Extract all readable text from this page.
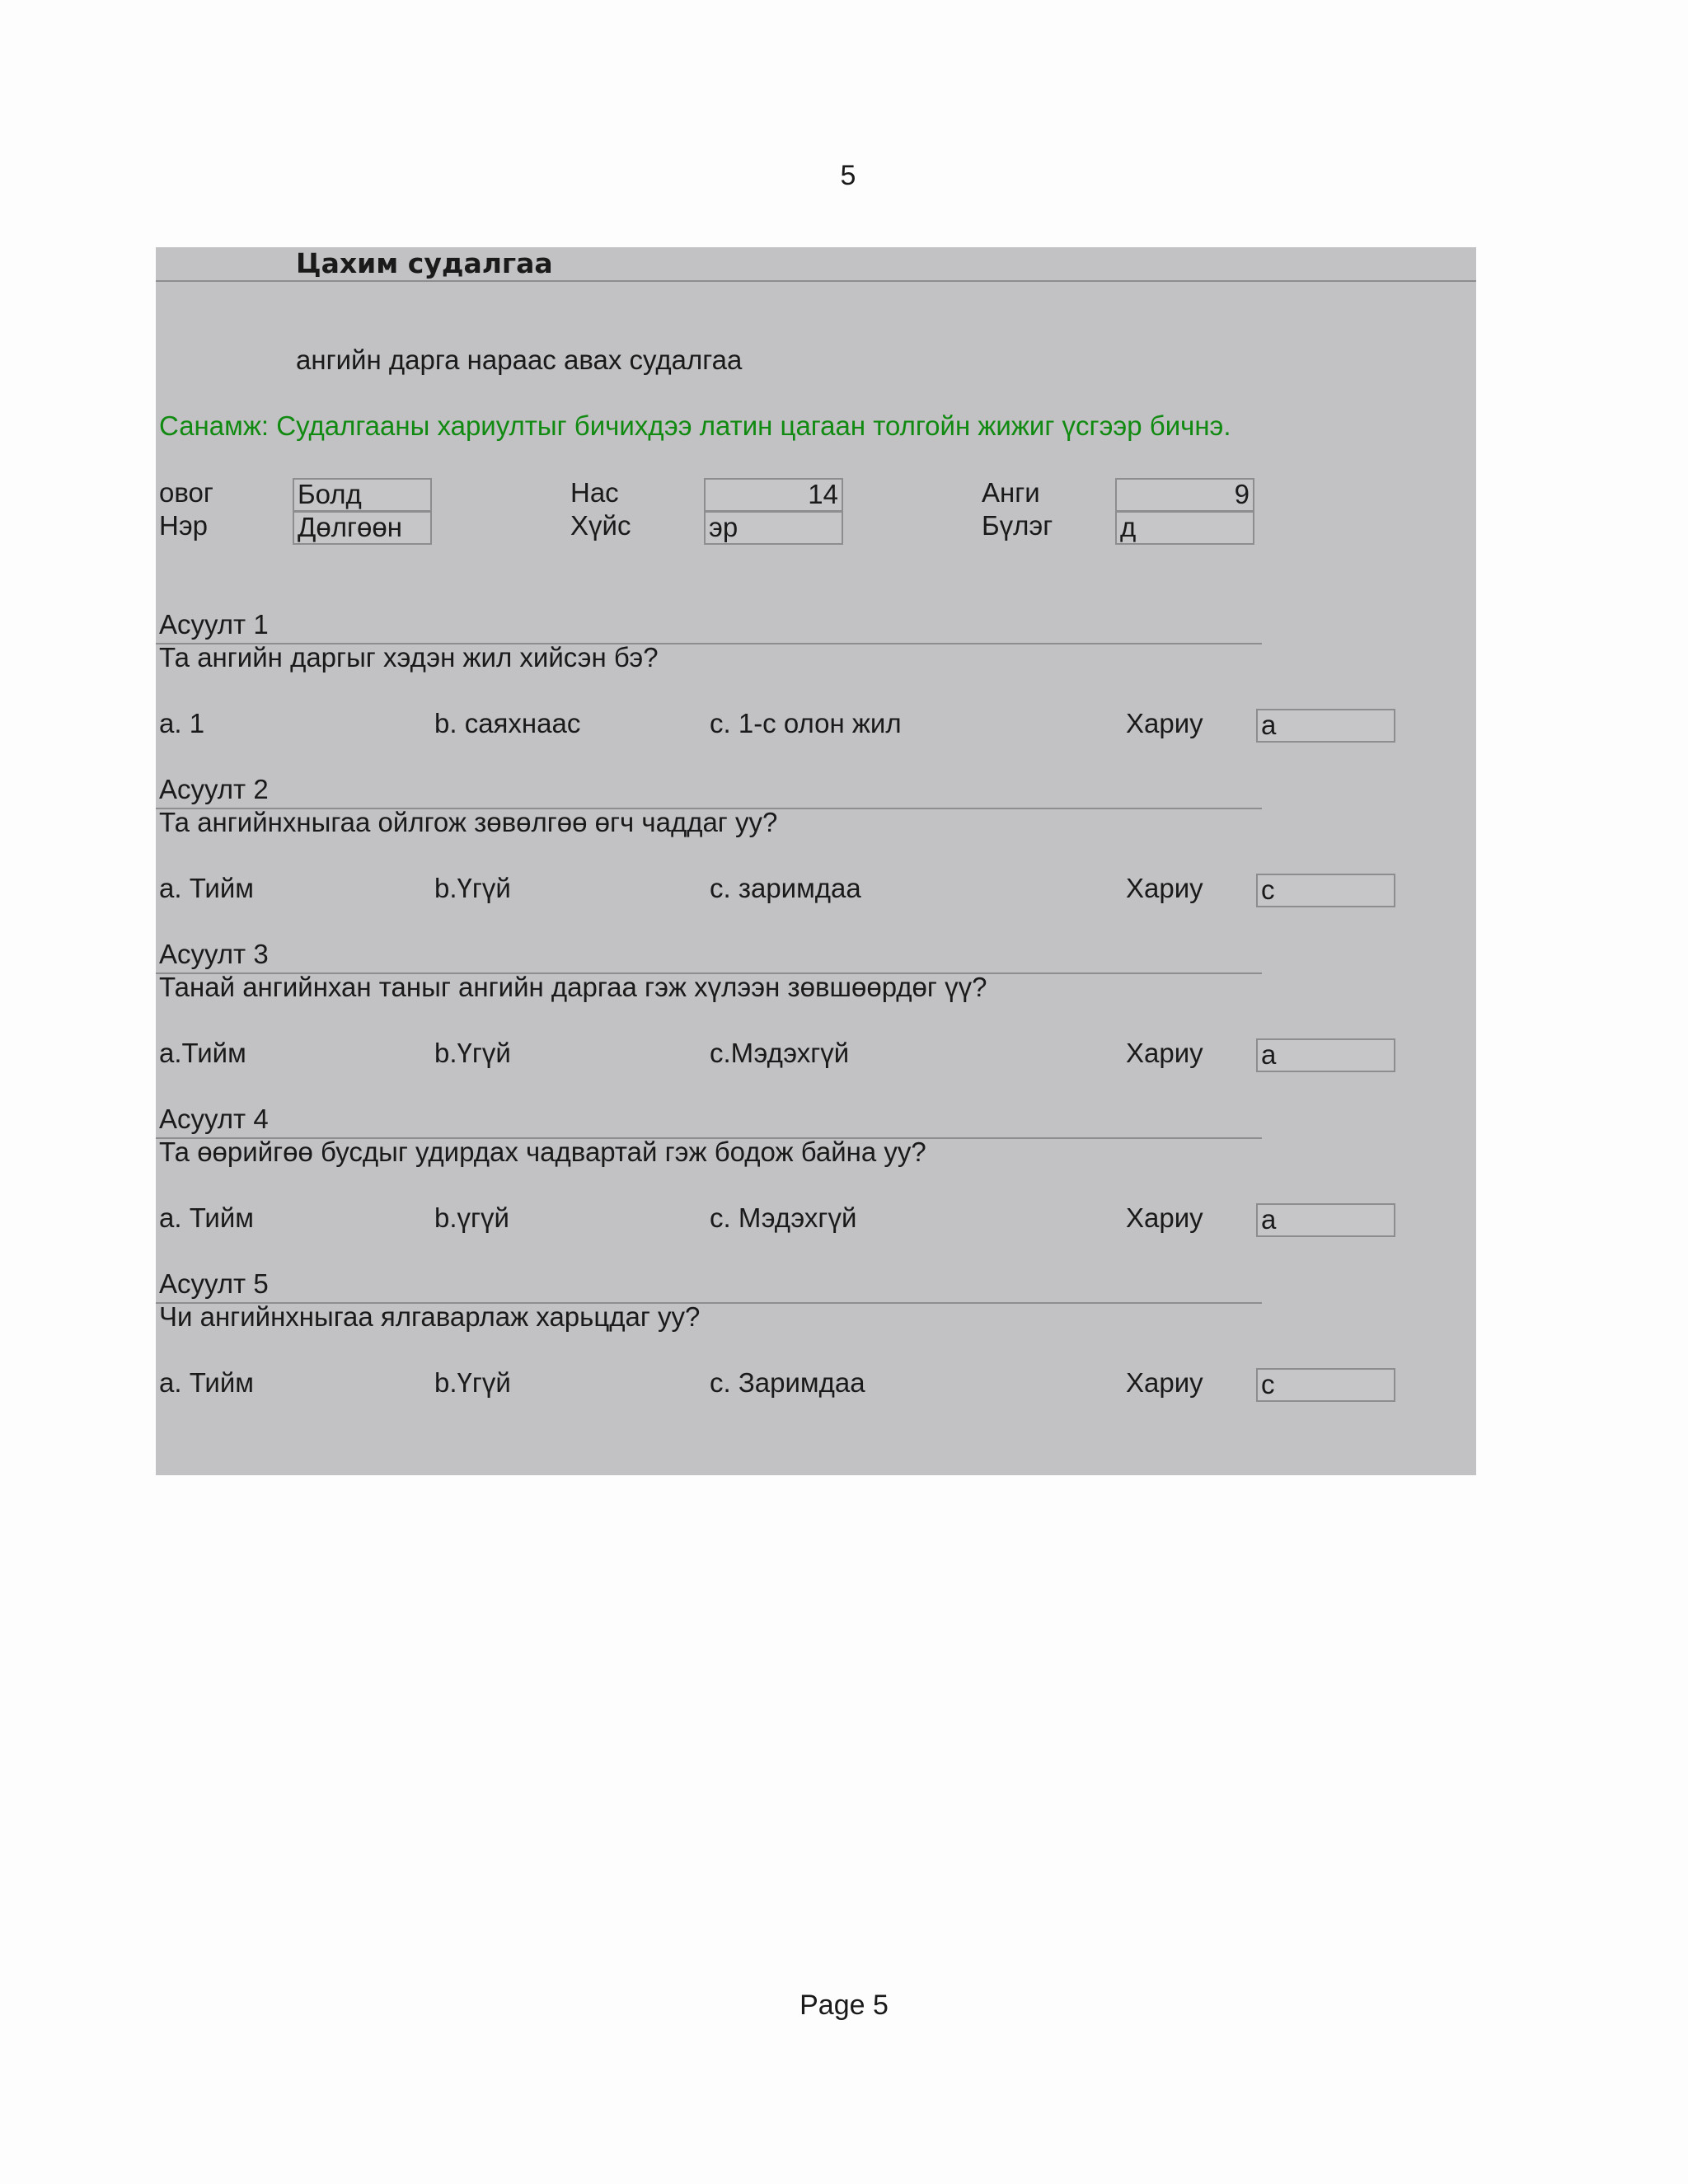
5
Цахим судалгаа
ангийн дарга нараас авах судалгаа
Санамж: Судалгааны хариултыг бичихдээ латин цагаан толгойн жижиг үсгээр бичнэ.
овог	Болд
Нэр	Дөлгөөн
Нас	14
Хүйс	эр
Анги	9
Бүлэг д
Асуулт 1
Та ангийн даргыг хэдэн жил хийсэн бэ?
a. 1	b. саяхнаас	c. 1-с олон жил	Хариу a
Асуулт 2
Та ангийнхныгаа ойлгож зөвөлгөө өгч чаддаг уу?
a. Тийм	b.Үгүй	c. заримдаа	Хариу c
Асуулт 3
Танай ангийнхан таныг ангийн даргаа гэж хүлээн зөвшөөрдөг үү?
a.Тийм	b.Үгүй	c.Мэдэхгүй	Хариу a
Асуулт 4
Та өөрийгөө бусдыг удирдах чадвартай гэж бодож байна уу?
a. Тийм	b.үгүй	c. Мэдэхгүй	Хариу a
Асуулт 5
Чи ангийнхныгаа ялгаварлаж харьцдаг уу?
a. Тийм	b.Үгүй	c. Заримдаа	Хариу c
Page 5
